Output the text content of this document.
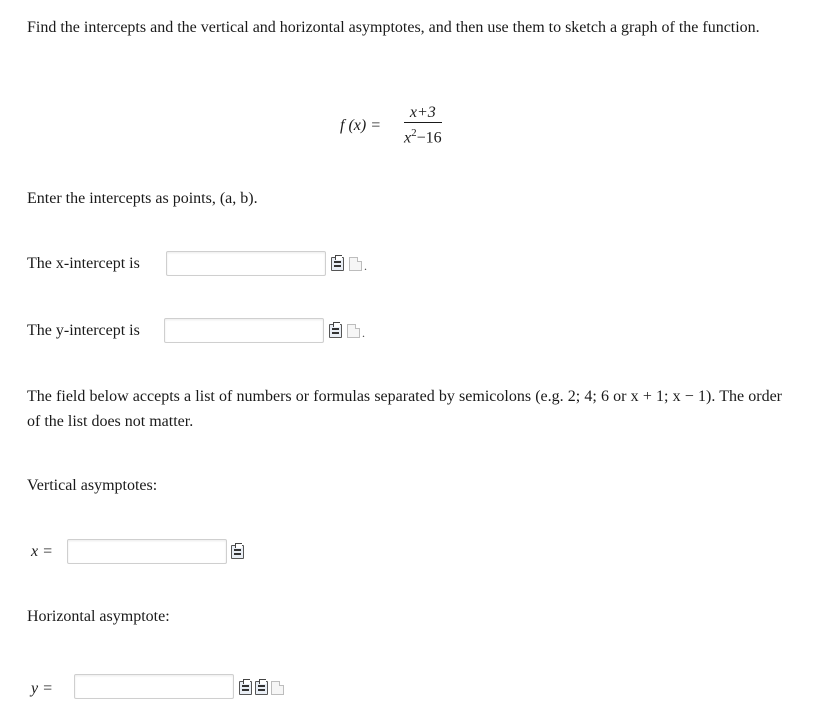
Find the intercepts and the vertical and horizontal asymptotes, and then use them to sketch a graph of the function.
f $(x) = \frac{x+3}{x^2-16}$
Enter the intercepts as points, (a, b).
The x-intercept is	.
The y-intercept is	.
The field below accepts a list of numbers or formulas separated by semicolons (e.g. 2; 4; 6 or x + 1; x − 1). The order of the list does not matter.
Vertical asymptotes:
x =
Horizontal asymptote:
y =
